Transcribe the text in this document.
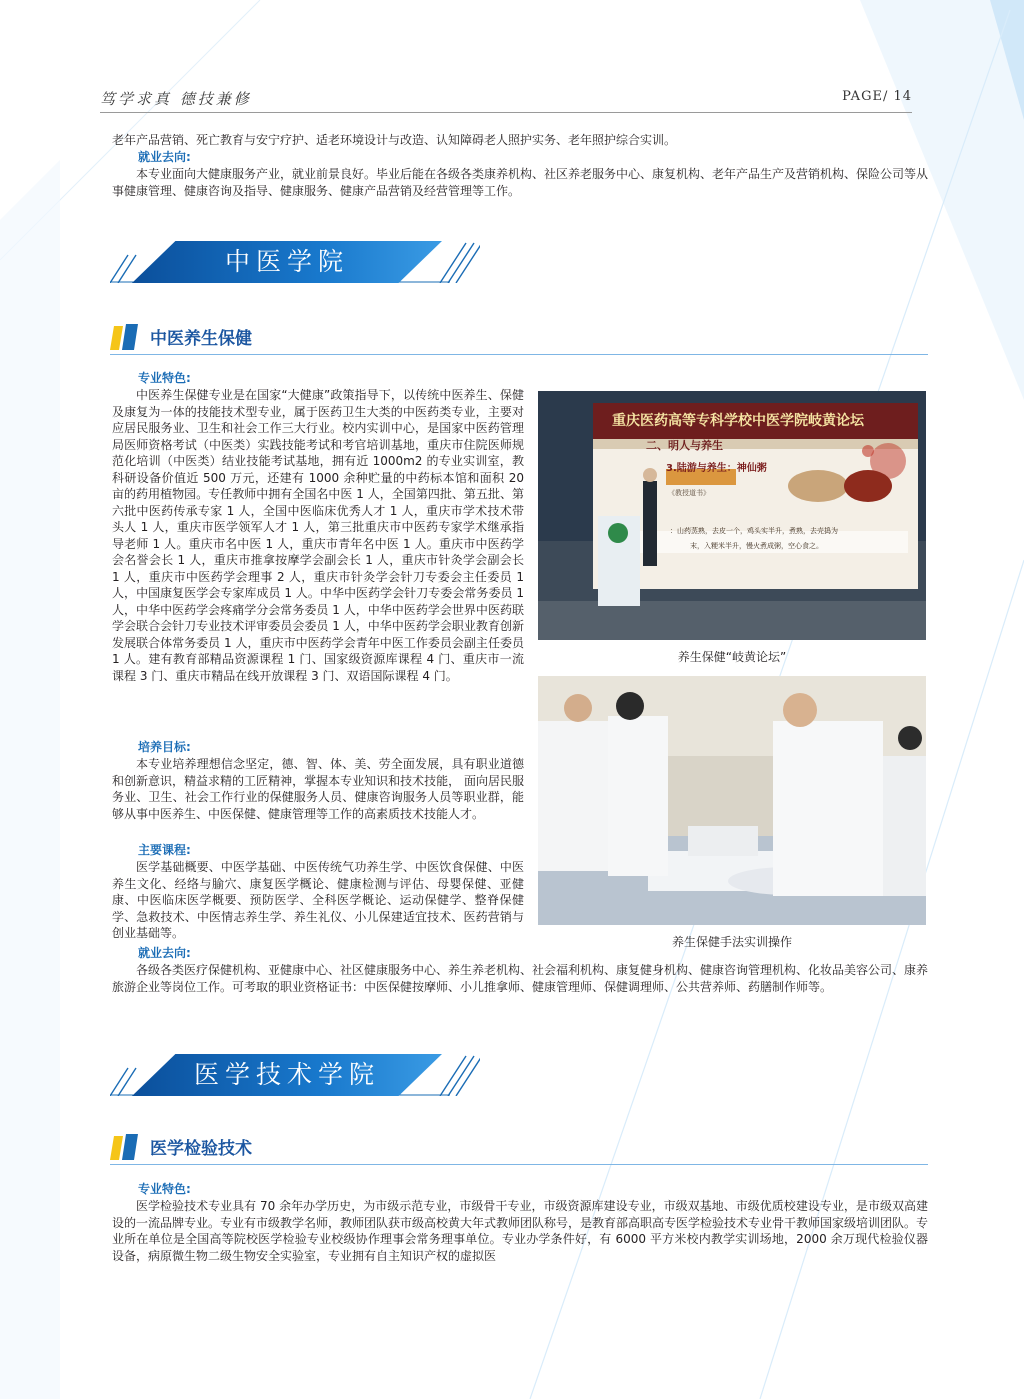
笃学求真 德技兼修	PAGE/ 14
老年产品营销、死亡教育与安宁疗护、适老环境设计与改造、认知障碍老人照护实务、老年照护综合实训。
就业去向:
本专业面向大健康服务产业，就业前景良好。毕业后能在各级各类康养机构、社区养老服务中心、康复机构、老年产品生产及营销机构、保险公司等从事健康管理、健康咨询及指导、健康服务、健康产品营销及经营管理等工作。
中医学院
中医养生保健
专业特色:
中医养生保健专业是在国家“大健康”政策指导下，以传统中医养生、保健及康复为一体的技能技术型专业，属于医药卫生大类的中医药类专业，主要对应居民服务业、卫生和社会工作三大行业。校内实训中心，是国家中医药管理局医师资格考试（中医类）实践技能考试和考官培训基地，重庆市住院医师规范化培训（中医类）结业技能考试基地，拥有近 1000m2 的专业实训室，教科研设备价值近 500 万元，还建有 1000 余种贮量的中药标本馆和面积 20 亩的药用植物园。专任教师中拥有全国名中医 1 人，全国第四批、第五批、第六批中医药传承专家 1 人，全国中医临床优秀人才 1 人，重庆市学术技术带头人 1 人，重庆市医学领军人才 1 人，第三批重庆市中医药专家学术继承指导老师 1 人。重庆市名中医 1 人，重庆市青年名中医 1 人。重庆市中医药学会名誉会长 1 人，重庆市推拿按摩学会副会长 1 人，重庆市针灸学会副会长 1 人，重庆市中医药学会理事 2 人，重庆市针灸学会针刀专委会主任委员 1 人，中国康复医学会专家库成员 1 人。中华中医药学会针刀专委会常务委员 1 人，中华中医药学会疼痛学分会常务委员 1 人，中华中医药学会世界中医药联学会联合会针刀专业技术评审委员会委员 1 人，中华中医药学会职业教育创新发展联合体常务委员 1 人，重庆市中医药学会青年中医工作委员会副主任委员 1 人。建有教育部精品资源课程 1 门、国家级资源库课程 4 门、重庆市一流课程 3 门、重庆市精品在线开放课程 3 门、双语国际课程 4 门。
培养目标:
本专业培养理想信念坚定，德、智、体、美、劳全面发展，具有职业道德和创新意识，精益求精的工匠精神，掌握本专业知识和技术技能， 面向居民服务业、卫生、社会工作行业的保健服务人员、健康咨询服务人员等职业群，能够从事中医养生、中医保健、健康管理等工作的高素质技术技能人才。
主要课程:
医学基础概要、中医学基础、中医传统气功养生学、中医饮食保健、中医养生文化、经络与腧穴、康复医学概论、健康检测与评估、母婴保健、亚健康、中医临床医学概要、预防医学、全科医学概论、运动保健学、整脊保健学、急救技术、中医情志养生学、养生礼仪、小儿保建适宜技术、医药营销与创业基础等。
就业去向:
各级各类医疗保健机构、亚健康中心、社区健康服务中心、养生养老机构、社会福利机构、康复健身机构、健康咨询管理机构、化妆品美容公司、康养旅游企业等岗位工作。可考取的职业资格证书：中医保健按摩师、小儿推拿师、健康管理师、保健调理师、公共营养师、药膳制作师等。
重庆医药高等专科学校中医学院岐黄论坛
二、明人与养生
3.陆游与养生：神仙粥
《教授道书》
：山药蒸熟，去皮一个，鸡头实半升，煮熟，去壳捣为
末，入粳米半升，慢火煮成粥，空心食之。
养生保健“岐黄论坛”
养生保健手法实训操作
医学技术学院
医学检验技术
专业特色:
医学检验技术专业具有 70 余年办学历史，为市级示范专业，市级骨干专业，市级资源库建设专业，市级双基地、市级优质校建设专业，是市级双高建设的一流品牌专业。专业有市级教学名师，教师团队获市级高校黄大年式教师团队称号，是教育部高职高专医学检验技术专业骨干教师国家级培训团队。专业所在单位是全国高等院校医学检验专业校级协作理事会常务理事单位。专业办学条件好，有 6000 平方米校内教学实训场地，2000 余万现代检验仪器设备，病原微生物二级生物安全实验室，专业拥有自主知识产权的虚拟医
